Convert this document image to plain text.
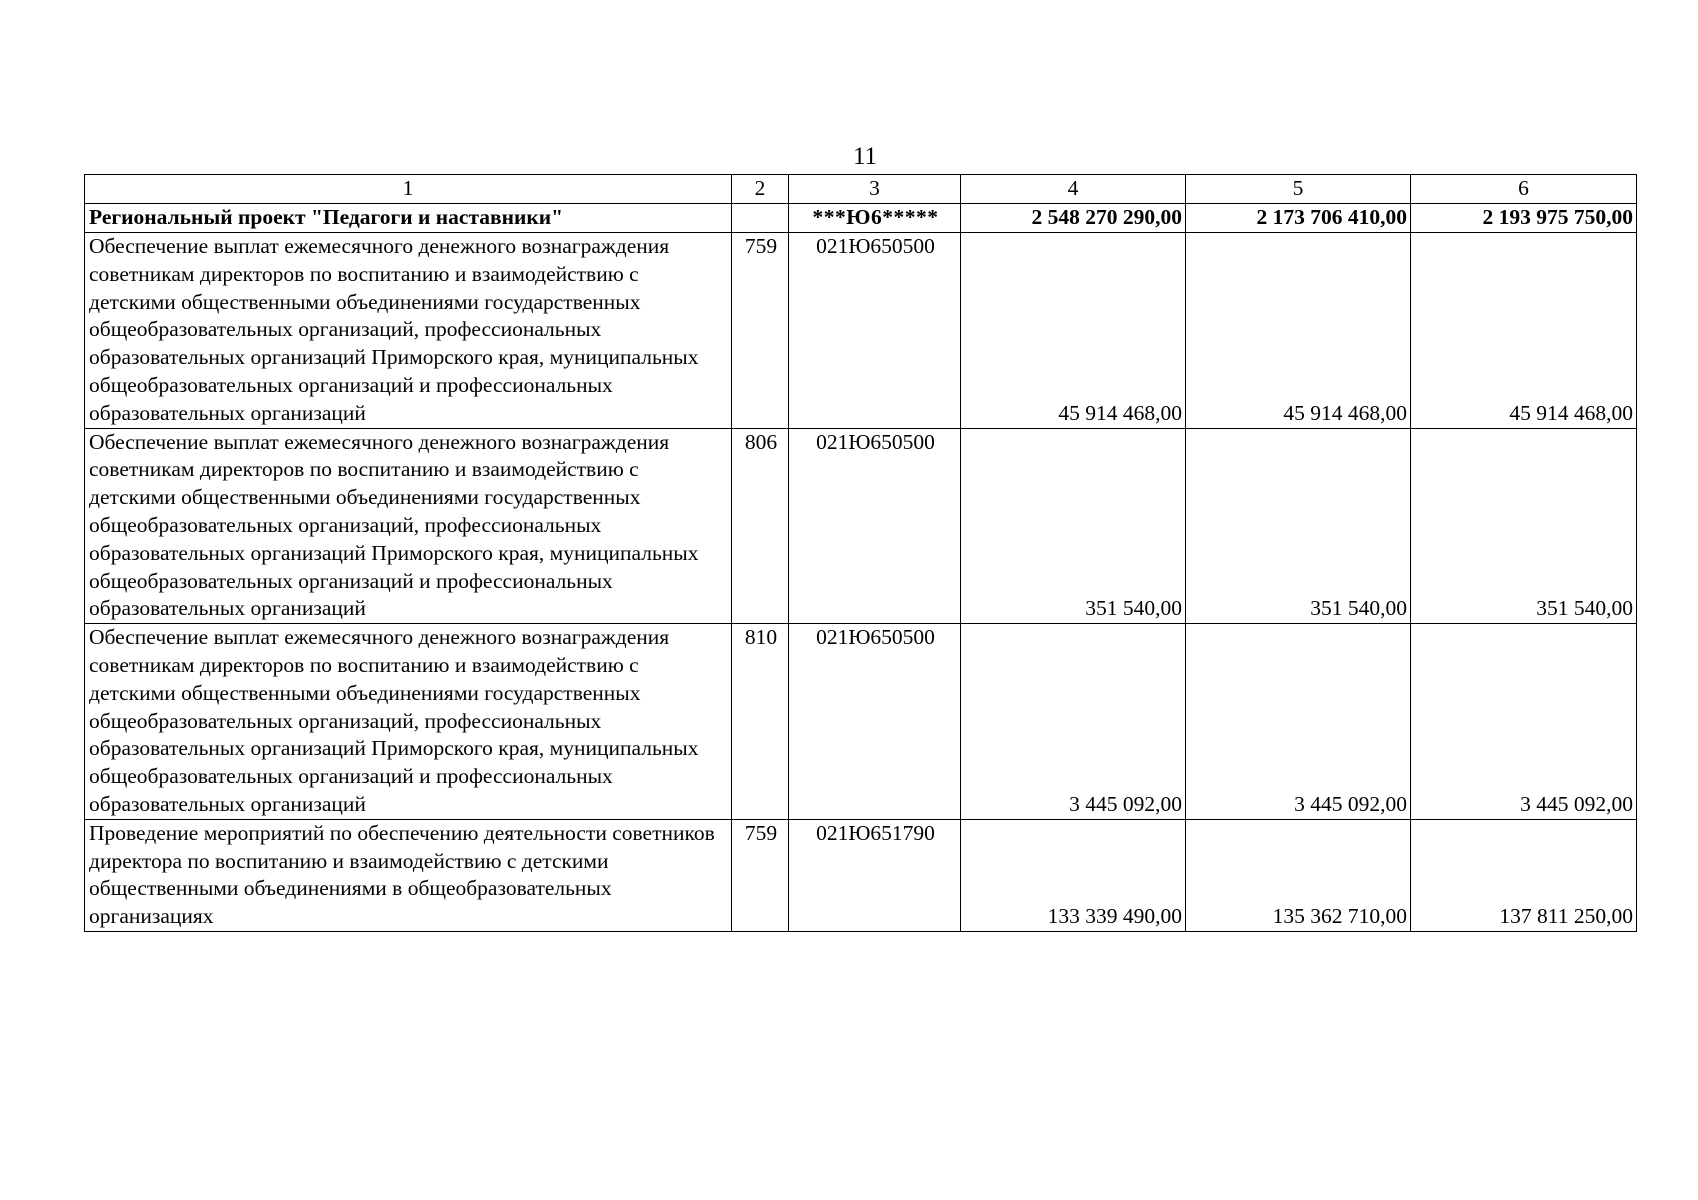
11
1	2	3	4	5	6
Региональный проект "Педагоги и наставники"		***Ю6*****	2 548 270 290,00	2 173 706 410,00	2 193 975 750,00
Обеспечение выплат ежемесячного денежного вознаграждения советникам директоров по воспитанию и взаимодействию с детскими общественными объединениями государственных общеобразовательных организаций, профессиональных образовательных организаций Приморского края, муниципальных общеобразовательных организаций и профессиональных образовательных организаций	759	021Ю650500	45 914 468,00	45 914 468,00	45 914 468,00
Обеспечение выплат ежемесячного денежного вознаграждения советникам директоров по воспитанию и взаимодействию с детскими общественными объединениями государственных общеобразовательных организаций, профессиональных образовательных организаций Приморского края, муниципальных общеобразовательных организаций и профессиональных образовательных организаций	806	021Ю650500	351 540,00	351 540,00	351 540,00
Обеспечение выплат ежемесячного денежного вознаграждения советникам директоров по воспитанию и взаимодействию с детскими общественными объединениями государственных общеобразовательных организаций, профессиональных образовательных организаций Приморского края, муниципальных общеобразовательных организаций и профессиональных образовательных организаций	810	021Ю650500	3 445 092,00	3 445 092,00	3 445 092,00
Проведение мероприятий по обеспечению деятельности советников директора по воспитанию и взаимодействию с детскими общественными объединениями в общеобразовательных организациях	759	021Ю651790	133 339 490,00	135 362 710,00	137 811 250,00
